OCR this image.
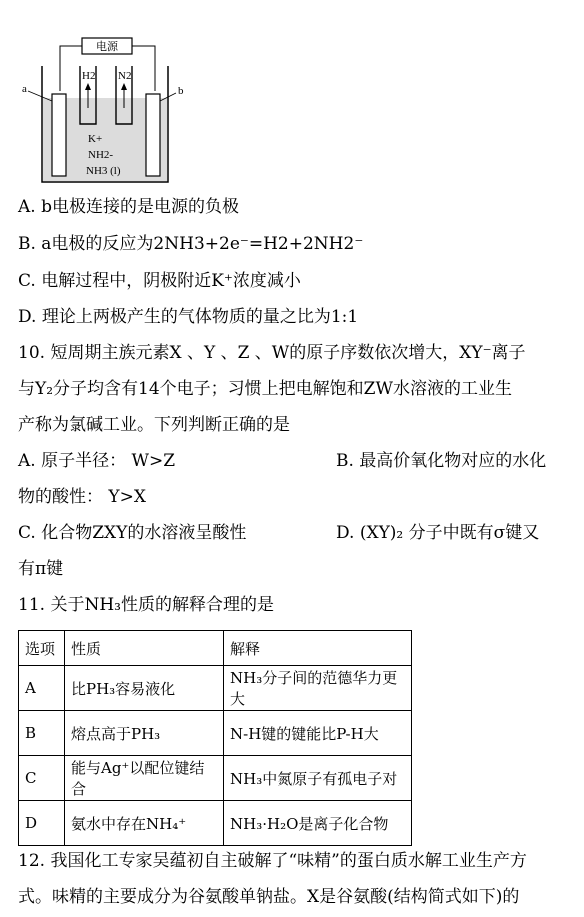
电源
a	b
H2 N2
K+
NH2-
NH3 (l)
A. b电极连接的是电源的负极
B. a电极的反应为2NH3+2e⁻=H2+2NH2⁻
C. 电解过程中，阴极附近K⁺浓度减小
D. 理论上两极产生的气体物质的量之比为1:1
10. 短周期主族元素X 、Y 、Z 、W的原子序数依次增大，XY⁻离子
与Y₂分子均含有14个电子；习惯上把电解饱和ZW水溶液的工业生
产称为氯碱工业。下列判断正确的是
A. 原子半径： W>Z	B. 最高价氧化物对应的水化
物的酸性： Y>X
C. 化合物ZXY的水溶液呈酸性	D. (XY)₂ 分子中既有σ键又
有π键
11. 关于NH₃性质的解释合理的是
选项	性质	解释
A	比PH₃容易液化	NH₃分子间的范德华力更大
B	熔点高于PH₃	N-H键的键能比P-H大
C	能与Ag⁺以配位键结合	NH₃中氮原子有孤电子对
D	氨水中存在NH₄⁺	NH₃·H₂O是离子化合物
12. 我国化工专家吴蕴初自主破解了“味精”的蛋白质水解工业生产方
式。味精的主要成分为谷氨酸单钠盐。X是谷氨酸(结构简式如下)的
